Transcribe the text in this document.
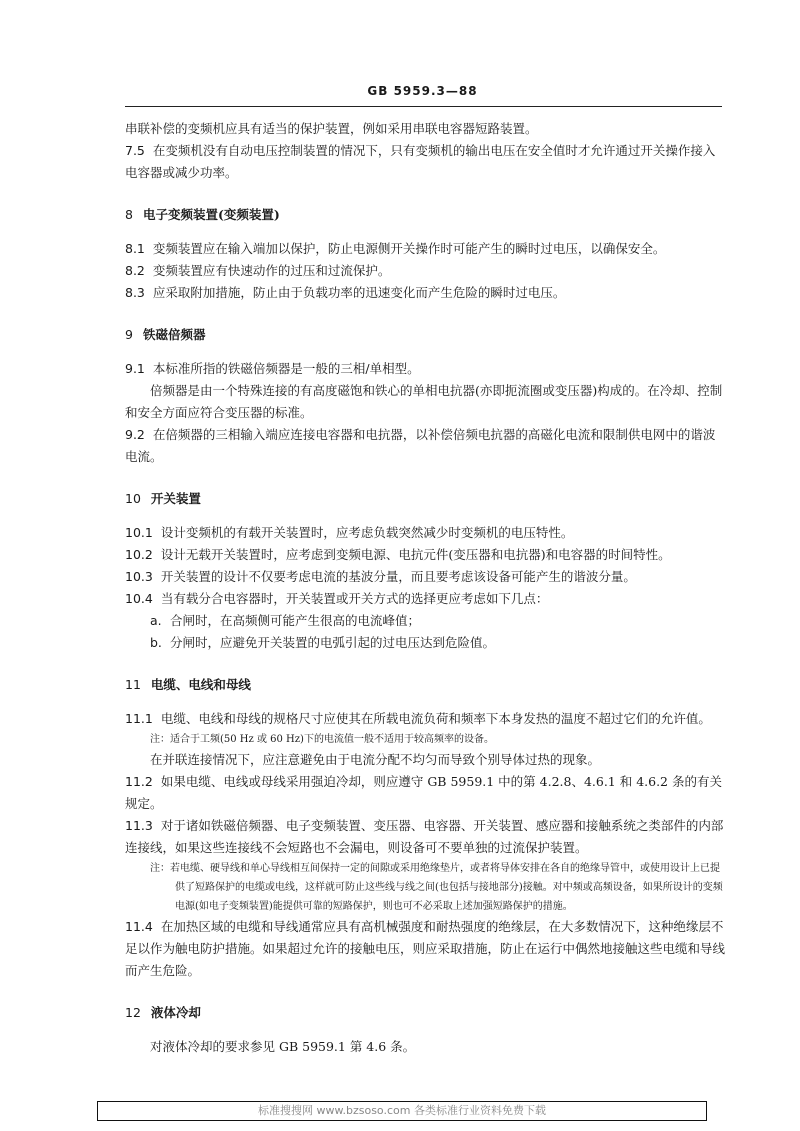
GB 5959.3—88
串联补偿的变频机应具有适当的保护装置，例如采用串联电容器短路装置。
7.5 在变频机没有自动电压控制装置的情况下，只有变频机的输出电压在安全值时才允许通过开关操作接入电容器或减少功率。
8 电子变频装置(变频装置)
8.1 变频装置应在输入端加以保护，防止电源侧开关操作时可能产生的瞬时过电压，以确保安全。
8.2 变频装置应有快速动作的过压和过流保护。
8.3 应采取附加措施，防止由于负载功率的迅速变化而产生危险的瞬时过电压。
9 铁磁倍频器
9.1 本标准所指的铁磁倍频器是一般的三相/单相型。
倍频器是由一个特殊连接的有高度磁饱和铁心的单相电抗器(亦即扼流圈或变压器)构成的。在冷却、控制和安全方面应符合变压器的标准。
9.2 在倍频器的三相输入端应连接电容器和电抗器，以补偿倍频电抗器的高磁化电流和限制供电网中的谐波电流。
10 开关装置
10.1 设计变频机的有载开关装置时，应考虑负载突然减少时变频机的电压特性。
10.2 设计无载开关装置时，应考虑到变频电源、电抗元件(变压器和电抗器)和电容器的时间特性。
10.3 开关装置的设计不仅要考虑电流的基波分量，而且要考虑该设备可能产生的谐波分量。
10.4 当有载分合电容器时，开关装置或开关方式的选择更应考虑如下几点：
a. 合闸时，在高频侧可能产生很高的电流峰值；
b. 分闸时，应避免开关装置的电弧引起的过电压达到危险值。
11 电缆、电线和母线
11.1 电缆、电线和母线的规格尺寸应使其在所载电流负荷和频率下本身发热的温度不超过它们的允许值。
注：适合于工频(50 Hz 或 60 Hz)下的电流值一般不适用于较高频率的设备。
在并联连接情况下，应注意避免由于电流分配不均匀而导致个别导体过热的现象。
11.2 如果电缆、电线或母线采用强迫冷却，则应遵守 GB 5959.1 中的第 4.2.8、4.6.1 和 4.6.2 条的有关规定。
11.3 对于诸如铁磁倍频器、电子变频装置、变压器、电容器、开关装置、感应器和接触系统之类部件的内部连接线，如果这些连接线不会短路也不会漏电，则设备可不要单独的过流保护装置。
注：若电缆、硬导线和单心导线相互间保持一定的间隙或采用绝缘垫片，或者将导体安排在各自的绝缘导管中，或使用设计上已提供了短路保护的电缆或电线，这样就可防止这些线与线之间(也包括与接地部分)接触。对中频或高频设备，如果所设计的变频电源(如电子变频装置)能提供可靠的短路保护，则也可不必采取上述加强短路保护的措施。
11.4 在加热区域的电缆和导线通常应具有高机械强度和耐热强度的绝缘层，在大多数情况下，这种绝缘层不足以作为触电防护措施。如果超过允许的接触电压，则应采取措施，防止在运行中偶然地接触这些电缆和导线而产生危险。
12 液体冷却
对液体冷却的要求参见 GB 5959.1 第 4.6 条。
标准搜搜网 www.bzsoso.com 各类标准行业资料免费下载
